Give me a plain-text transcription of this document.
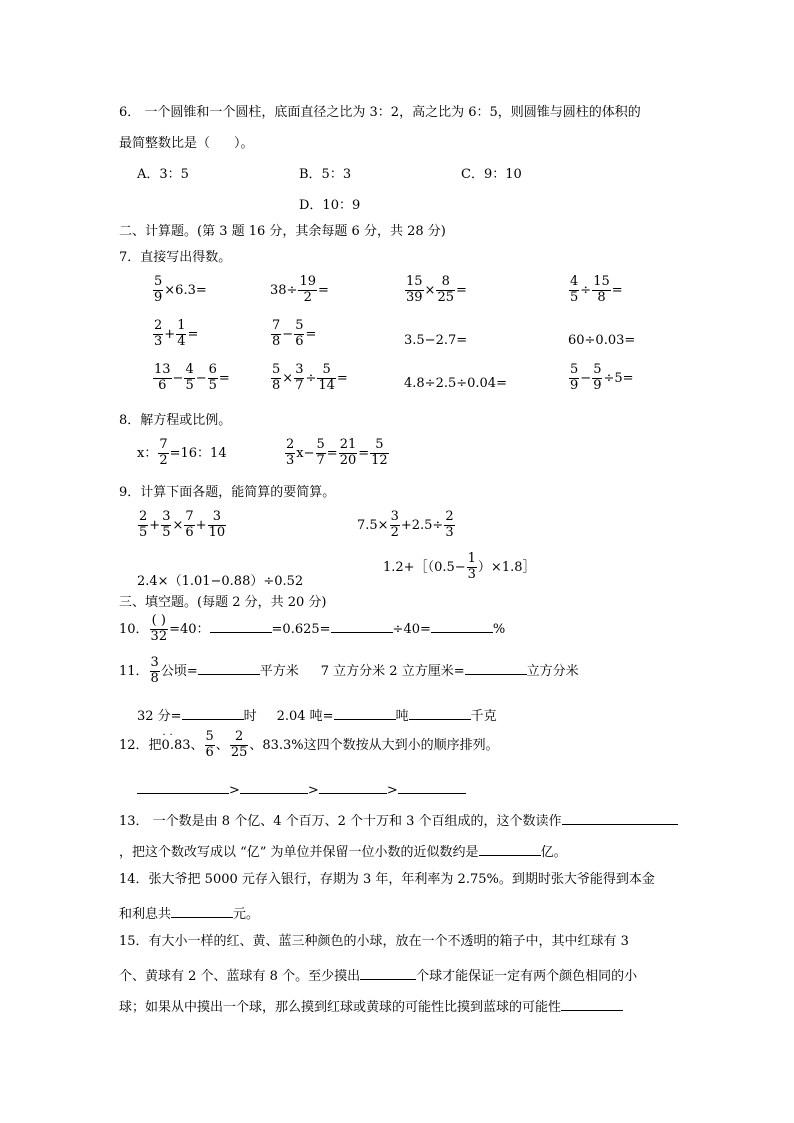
6． 一个圆锥和一个圆柱，底面直径之比为 3：2，高之比为 6：5，则圆锥与圆柱的体积的
最简整数比是（ ）。
A．3：5	B．5：3	C．9：10
D．10：9
二、计算题。(第 3 题 16 分，其余每题 6 分，共 28 分)
7．直接写出得数。
$\frac{5}{9} \times 6.3=$	$38\div \frac{19}{2}$ =	$\frac{15}{39} \times \frac{8}{25}$ =	$\frac{4}{5} \div \frac{15}{8}$ =
$\frac{2}{3} + \frac{1}{4}$ =	$\frac{7}{8} - \frac{5}{6}$ =	3.5−2.7=	60÷0.03=
$\frac{13}{6} - \frac{4}{5} - \frac{6}{5}$ =	$\frac{5}{8} \times \frac{3}{7} \div \frac{5}{14}$ =	4.8÷2.5÷0.04=	$\frac{5}{9} - \frac{5}{9} \div 5=$
8．解方程或比例。
x： $\frac{7}{2} =16$：14	$\frac{2}{3} x- \frac{5}{7} = \frac{21}{20} = \frac{5}{12}$
9．计算下面各题，能简算的要简算。
$\frac{2}{5} + \frac{3}{5} \times \frac{7}{6} + \frac{3}{10}$	$7.5\times \frac{3}{2} +2.5\div \frac{2}{3}$
2.4×（1.01−0.88）÷0.52
1.2+［（0.5− $\frac{1}{3}$ ）×1.8］
三、填空题。(每题 2 分，共 20 分)
10．
( )
32 =40：	=0.625=	÷40=	%
11． $\frac{3}{8}$ 公顷=	平方米 7 立方分米 2 立方厘米=	立方分米
32 分=	时 2.04 吨=	吨	千克
12．把
· ·
0.83、 $\frac{5}{6}$ 、 $\frac{2}{25}$ 、83.3%这四个数按从大到小的顺序排列。
>	>	>
13． 一个数是由 8 个亿、4 个百万、2 个十万和 3 个百组成的，这个数读作
，把这个数改写成以 “亿” 为单位并保留一位小数的近似数约是	亿。
14．张大爷把 5000 元存入银行，存期为 3 年，年利率为 2.75%。到期时张大爷能得到本金
和利息共	元。
15．有大小一样的红、黄、蓝三种颜色的小球，放在一个不透明的箱子中，其中红球有 3
个、黄球有 2 个、蓝球有 8 个。至少摸出	个球才能保证一定有两个颜色相同的小
球；如果从中摸出一个球，那么摸到红球或黄球的可能性比摸到蓝球的可能性
